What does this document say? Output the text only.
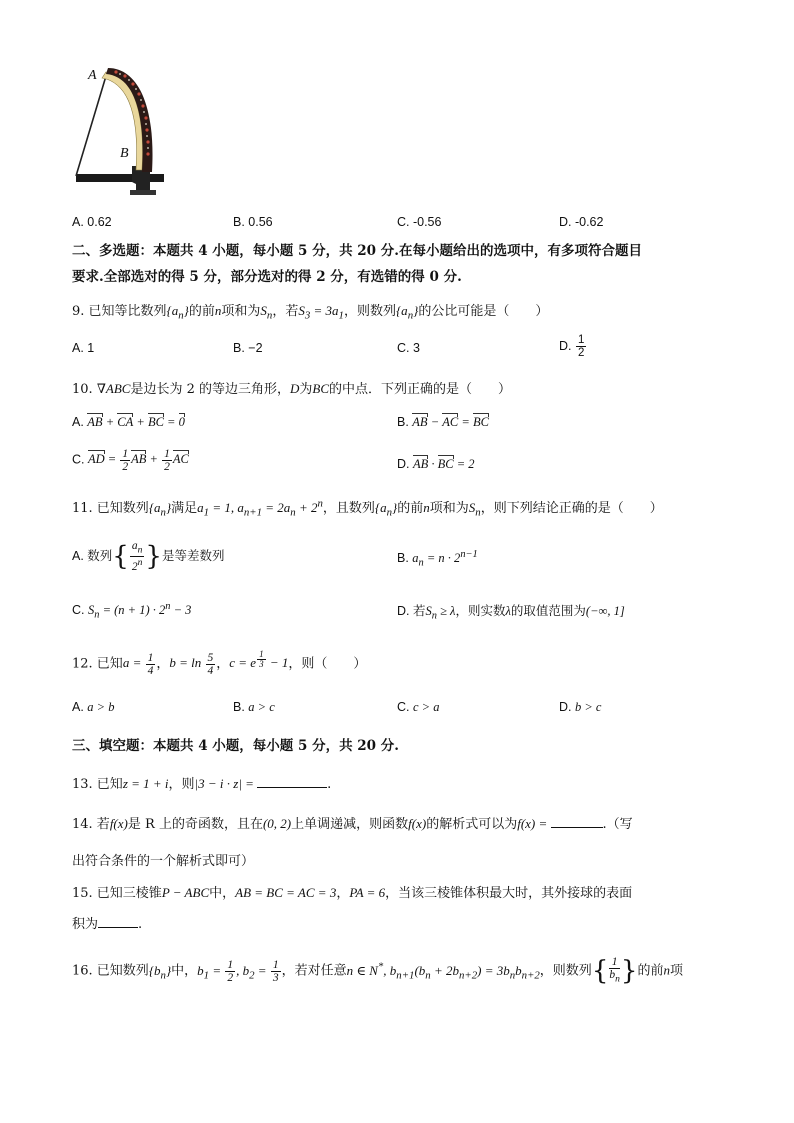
A
B
A. 0.62	B. 0.56	C. -0.56	D. -0.62
二、多选题：本题共 4 小题，每小题 5 分，共 20 分.在每小题给出的选项中，有多项符合题目
要求.全部选对的得 5 分，部分选对的得 2 分，有选错的得 0 分.
9. 已知等比数列$\{a_n\}$的前n项和为$S_n$，若$S_3 = 3a_1$，则数列$\{a_n\}$的公比可能是（　　）
A. 1	B. −2	C. 3	D. $\frac{1}{2}$
10. ∇ABC是边长为 2 的等边三角形，D为BC的中点．下列正确的是（　　）
A. AB + CA + BC = 0	B. AB − AC = BC
C. AD = $\frac{1}{2}$ AB + $\frac{1}{2}$ AC	D. AB · BC = 2
11. 已知数列$\{a_n\}$满足$a_1 = 1$, $a_{n+1} = 2a_n + 2^n$，且数列$\{a_n\}$的前n项和为$S_n$，则下列结论正确的是（　　）
A. 数列{ $\frac{a_n}{2^n}$ }是等差数列	B. $a_n = n \cdot 2^{n-1}$
C. $S_n = (n + 1) \cdot 2^n - 3$	D. 若$S_n \ge \lambda$，则实数λ的取值范围为(−∞, 1]
12. 已知$a = \frac{1}{4}$ ，$b = \ln \frac{5}{4}$ ，c = e $^{\frac{1}{3}}$ − 1，则（　　）
A. a > b	B. a > c	C. c > a	D. b > c
三、填空题：本题共 4 小题，每小题 5 分，共 20 分.
13. 已知z = 1 + i，则|3 − i · z| =	.
14. 若f(x)是 R 上的奇函数，且在(0, 2)上单调递减，则函数f(x)的解析式可以为f(x) =	.（写
出符合条件的一个解析式即可）
15. 已知三棱锥P − ABC中，AB = BC = AC = 3，PA = 6，当该三棱锥体积最大时，其外接球的表面
积为	.
16. 已知数列$\{b_n\}$中，$b_1 = \frac{1}{2}$ , $b_2 = \frac{1}{3}$ ，若对任意n ∈ N*, $b_{n+1}(b_n + 2b_{n+2}) = 3b_nb_{n+2}$，则数列{ $\frac{1}{b_n}$ }的前n项
